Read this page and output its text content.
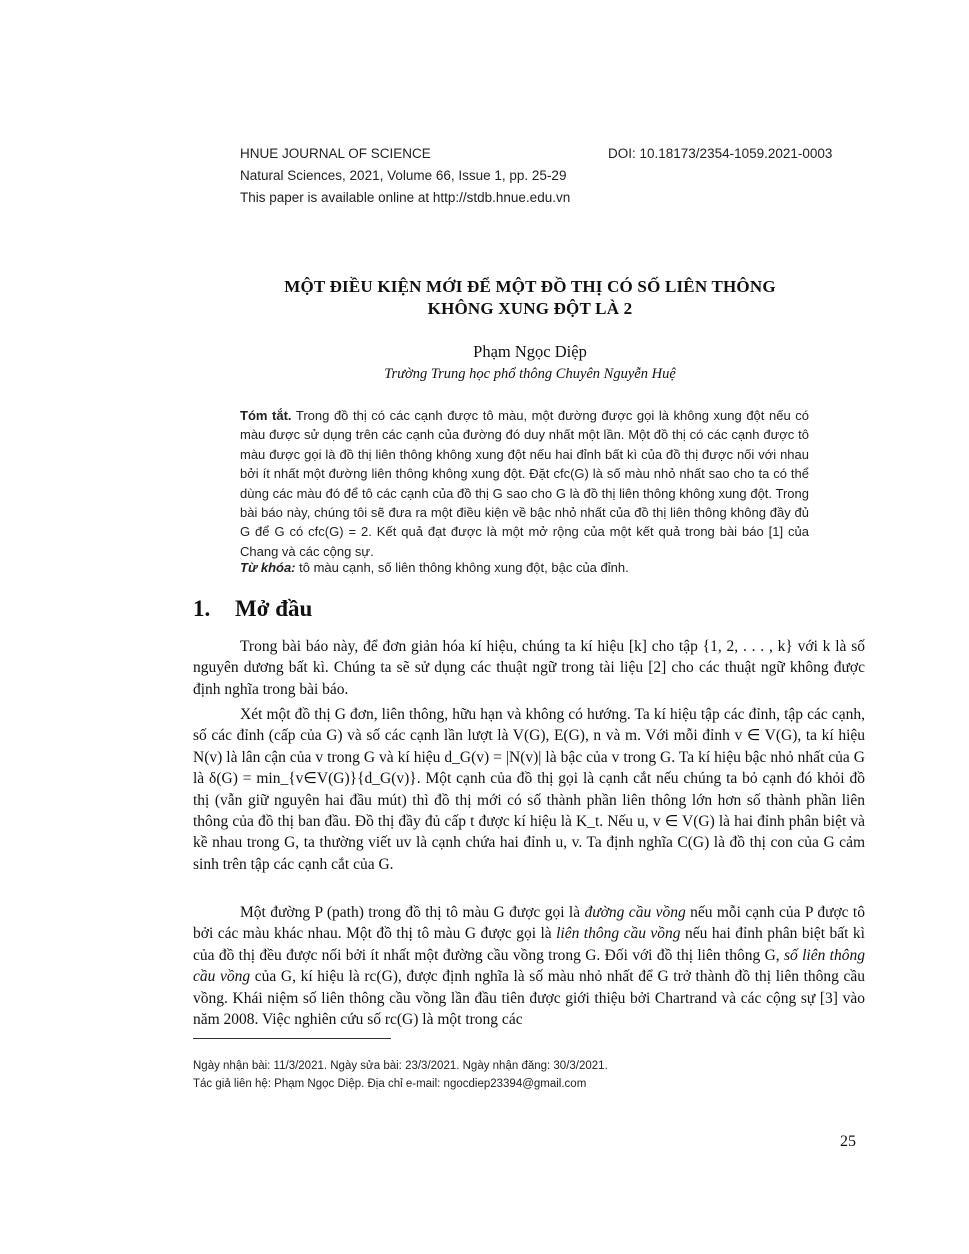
HNUE JOURNAL OF SCIENCE	DOI: 10.18173/2354-1059.2021-0003
Natural Sciences, 2021, Volume 66, Issue 1, pp. 25-29
This paper is available online at http://stdb.hnue.edu.vn
MỘT ĐIỀU KIỆN MỚI ĐỂ MỘT ĐỒ THỊ CÓ SỐ LIÊN THÔNG
KHÔNG XUNG ĐỘT LÀ 2
Phạm Ngọc Diệp
Trường Trung học phổ thông Chuyên Nguyễn Huệ
Tóm tắt. Trong đồ thị có các cạnh được tô màu, một đường được gọi là không xung đột nếu có màu được sử dụng trên các cạnh của đường đó duy nhất một lần. Một đồ thị có các cạnh được tô màu được gọi là đồ thị liên thông không xung đột nếu hai đỉnh bất kì của đồ thị được nối với nhau bởi ít nhất một đường liên thông không xung đột. Đặt cfc(G) là số màu nhỏ nhất sao cho ta có thể dùng các màu đó để tô các cạnh của đồ thị G sao cho G là đồ thị liên thông không xung đột. Trong bài báo này, chúng tôi sẽ đưa ra một điều kiện về bậc nhỏ nhất của đồ thị liên thông không đầy đủ G để G có cfc(G) = 2. Kết quả đạt được là một mở rộng của một kết quả trong bài báo [1] của Chang và các cộng sự.
Từ khóa: tô màu cạnh, số liên thông không xung đột, bậc của đỉnh.
1. Mở đầu

Trong bài báo này, để đơn giản hóa kí hiệu, chúng ta kí hiệu [k] cho tập {1, 2, . . . , k} với k là số nguyên dương bất kì. Chúng ta sẽ sử dụng các thuật ngữ trong tài liệu [2] cho các thuật ngữ không được định nghĩa trong bài báo.

Xét một đồ thị G đơn, liên thông, hữu hạn và không có hướng. Ta kí hiệu tập các đỉnh, tập các cạnh, số các đỉnh (cấp của G) và số các cạnh lần lượt là V(G), E(G), n và m. Với mỗi đỉnh v ∈ V(G), ta kí hiệu N(v) là lân cận của v trong G và kí hiệu d_G(v) = |N(v)| là bậc của v trong G. Ta kí hiệu bậc nhỏ nhất của G là δ(G) = min_{v∈V(G)}{d_G(v)}. Một cạnh của đồ thị gọi là cạnh cắt nếu chúng ta bỏ cạnh đó khỏi đồ thị (vẫn giữ nguyên hai đầu mút) thì đồ thị mới có số thành phần liên thông lớn hơn số thành phần liên thông của đồ thị ban đầu. Đồ thị đầy đủ cấp t được kí hiệu là K_t. Nếu u, v ∈ V(G) là hai đỉnh phân biệt và kề nhau trong G, ta thường viết uv là cạnh chứa hai đỉnh u, v. Ta định nghĩa C(G) là đồ thị con của G cảm sinh trên tập các cạnh cắt của G.

Một đường P (path) trong đồ thị tô màu G được gọi là đường cầu vồng nếu mỗi cạnh của P được tô bởi các màu khác nhau. Một đồ thị tô màu G được gọi là liên thông cầu vồng nếu hai đỉnh phân biệt bất kì của đồ thị đều được nối bởi ít nhất một đường cầu vồng trong G. Đối với đồ thị liên thông G, số liên thông cầu vồng của G, kí hiệu là rc(G), được định nghĩa là số màu nhỏ nhất để G trở thành đồ thị liên thông cầu vồng. Khái niệm số liên thông cầu vồng lần đầu tiên được giới thiệu bởi Chartrand và các cộng sự [3] vào năm 2008. Việc nghiên cứu số rc(G) là một trong các

Ngày nhận bài: 11/3/2021. Ngày sửa bài: 23/3/2021. Ngày nhận đăng: 30/3/2021.
Tác giả liên hệ: Phạm Ngọc Diệp. Địa chỉ e-mail: ngocdiep23394@gmail.com
25
